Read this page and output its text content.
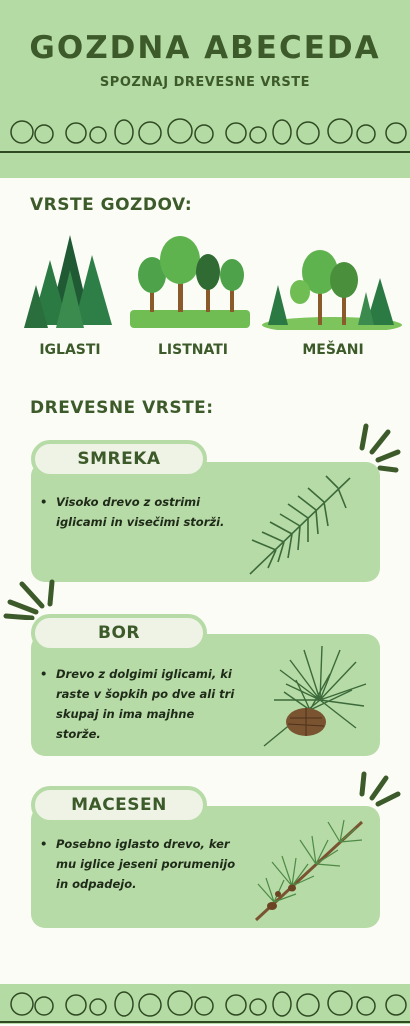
GOZDNA ABECEDA
SPOZNAJ DREVESNE VRSTE
VRSTE GOZDOV:
IGLASTI	LISTNATI	MEŠANI
DREVESNE VRSTE:
SMREKA
• Visoko drevo z ostrimi iglicami in visečimi storži.
BOR
• Drevo z dolgimi iglicami, ki raste v šopkih po dve ali tri skupaj in ima majhne storže.
MACESEN
• Posebno iglasto drevo, ker mu iglice jeseni porumenijo in odpadejo.
